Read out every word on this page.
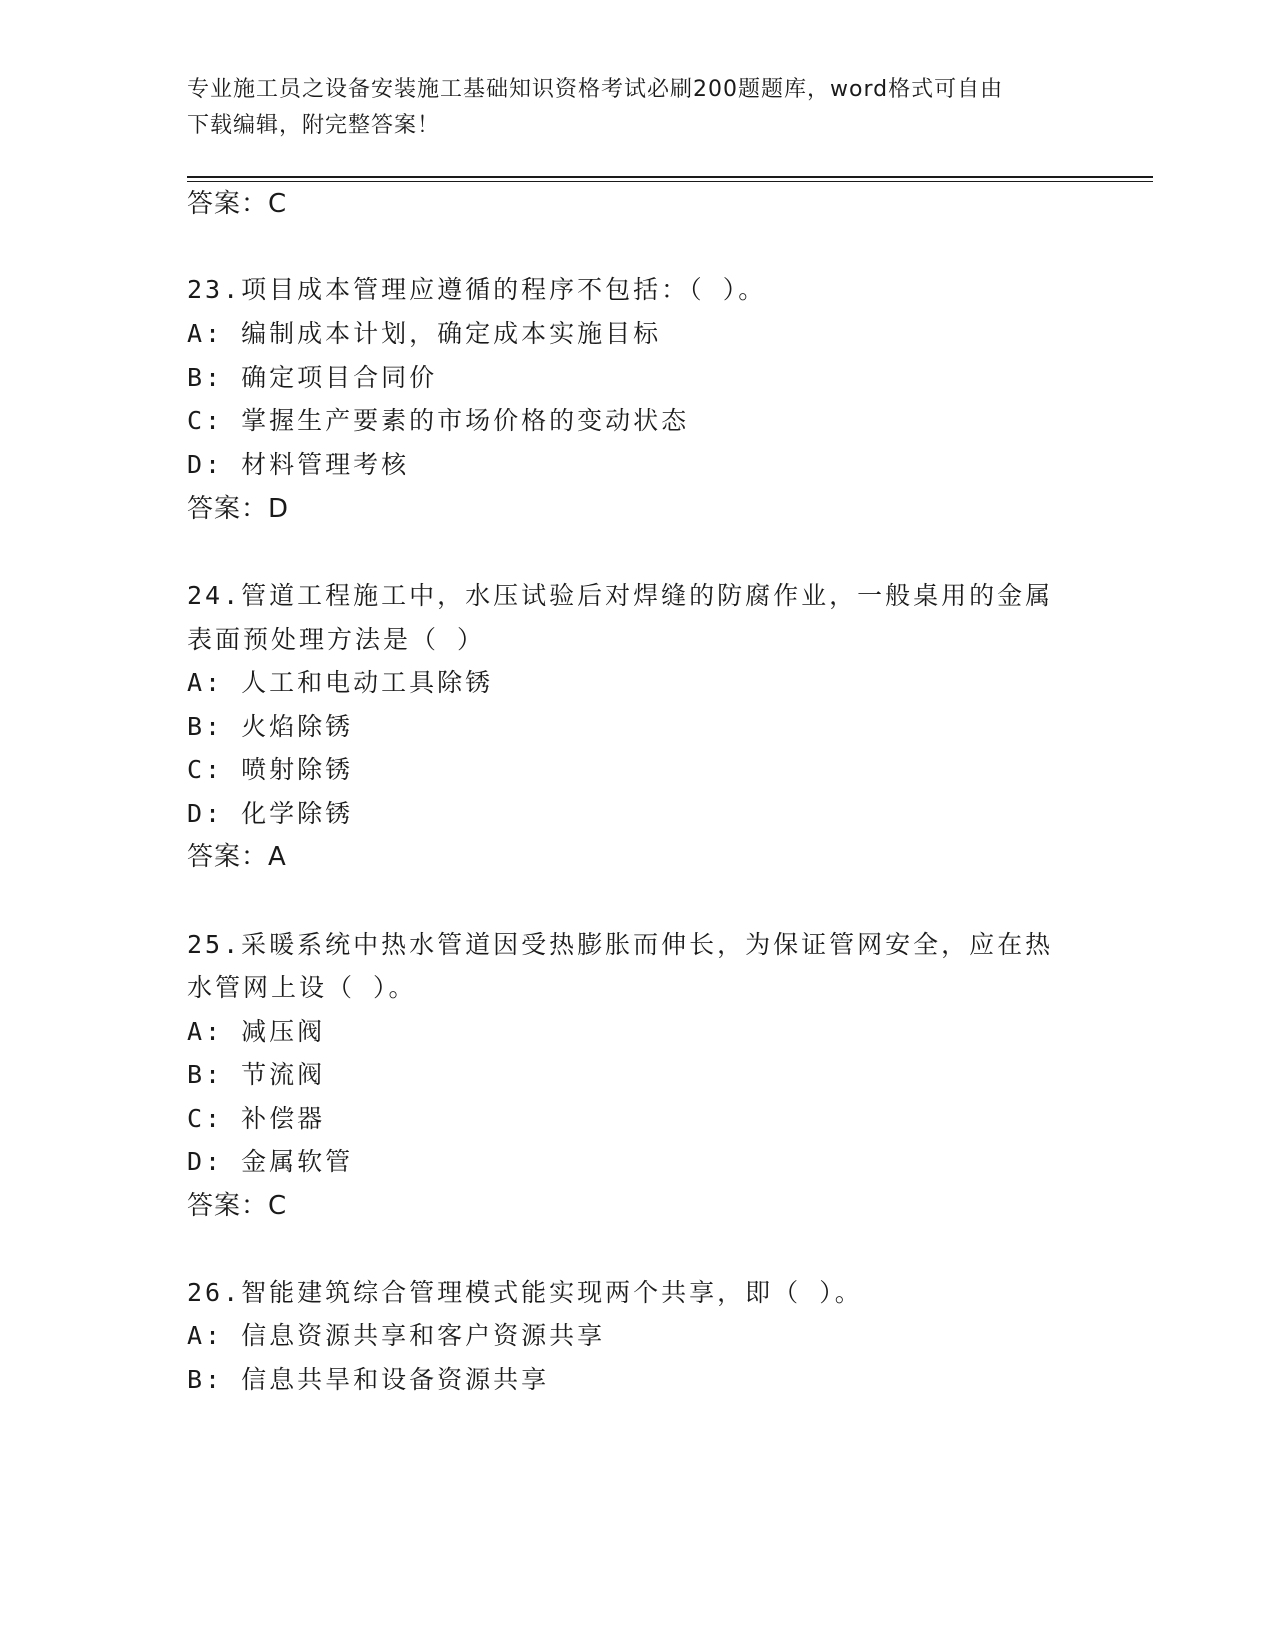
专业施工员之设备安装施工基础知识资格考试必刷200题题库，word格式可自由
下载编辑，附完整答案！
答案：C
23.项目成本管理应遵循的程序不包括：（ ）。
A: 编制成本计划，确定成本实施目标
B: 确定项目合同价
C: 掌握生产要素的市场价格的变动状态
D: 材料管理考核
答案：D
24.管道工程施工中，水压试验后对焊缝的防腐作业，一般桌用的金属
表面预处理方法是（ ）
A: 人工和电动工具除锈
B: 火焰除锈
C: 喷射除锈
D: 化学除锈
答案：A
25.采暖系统中热水管道因受热膨胀而伸长，为保证管网安全，应在热
水管网上设（ ）。
A: 减压阀
B: 节流阀
C: 补偿器
D: 金属软管
答案：C
26.智能建筑综合管理模式能实现两个共享，即（ ）。
A: 信息资源共享和客户资源共享
B: 信息共旱和设备资源共享
